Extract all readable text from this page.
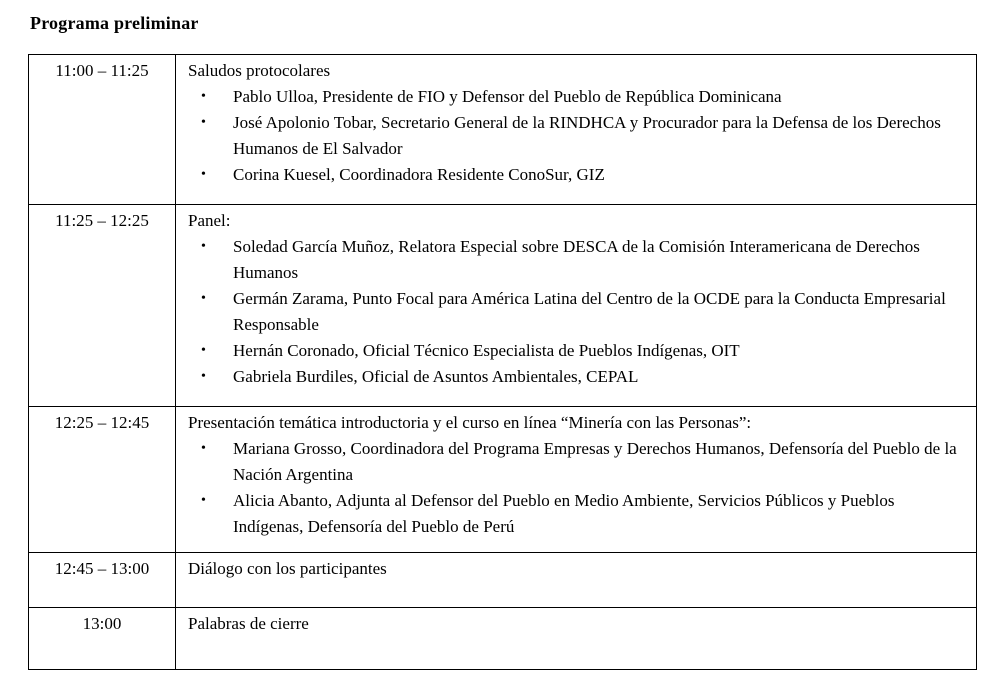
Programa preliminar
11:00 – 11:25	Saludos protocolares
•	Pablo Ulloa, Presidente de FIO y Defensor del Pueblo de República Dominicana
•	José Apolonio Tobar, Secretario General de la RINDHCA y Procurador para la Defensa de los Derechos Humanos de El Salvador
•	Corina Kuesel, Coordinadora Residente ConoSur, GIZ

11:25 – 12:25	Panel:
•	Soledad García Muñoz, Relatora Especial sobre DESCA de la Comisión Interamericana de Derechos Humanos
•	Germán Zarama, Punto Focal para América Latina del Centro de la OCDE para la Conducta Empresarial Responsable
•	Hernán Coronado, Oficial Técnico Especialista de Pueblos Indígenas, OIT
•	Gabriela Burdiles, Oficial de Asuntos Ambientales, CEPAL

12:25 – 12:45	Presentación temática introductoria y el curso en línea “Minería con las Personas”:
• Mariana Grosso, Coordinadora del Programa Empresas y Derechos Humanos, Defensoría del Pueblo de la Nación Argentina
• Alicia Abanto, Adjunta al Defensor del Pueblo en Medio Ambiente, Servicios Públicos y Pueblos Indígenas, Defensoría del Pueblo de Perú

12:45 – 13:00	Diálogo con los participantes

13:00	Palabras de cierre
